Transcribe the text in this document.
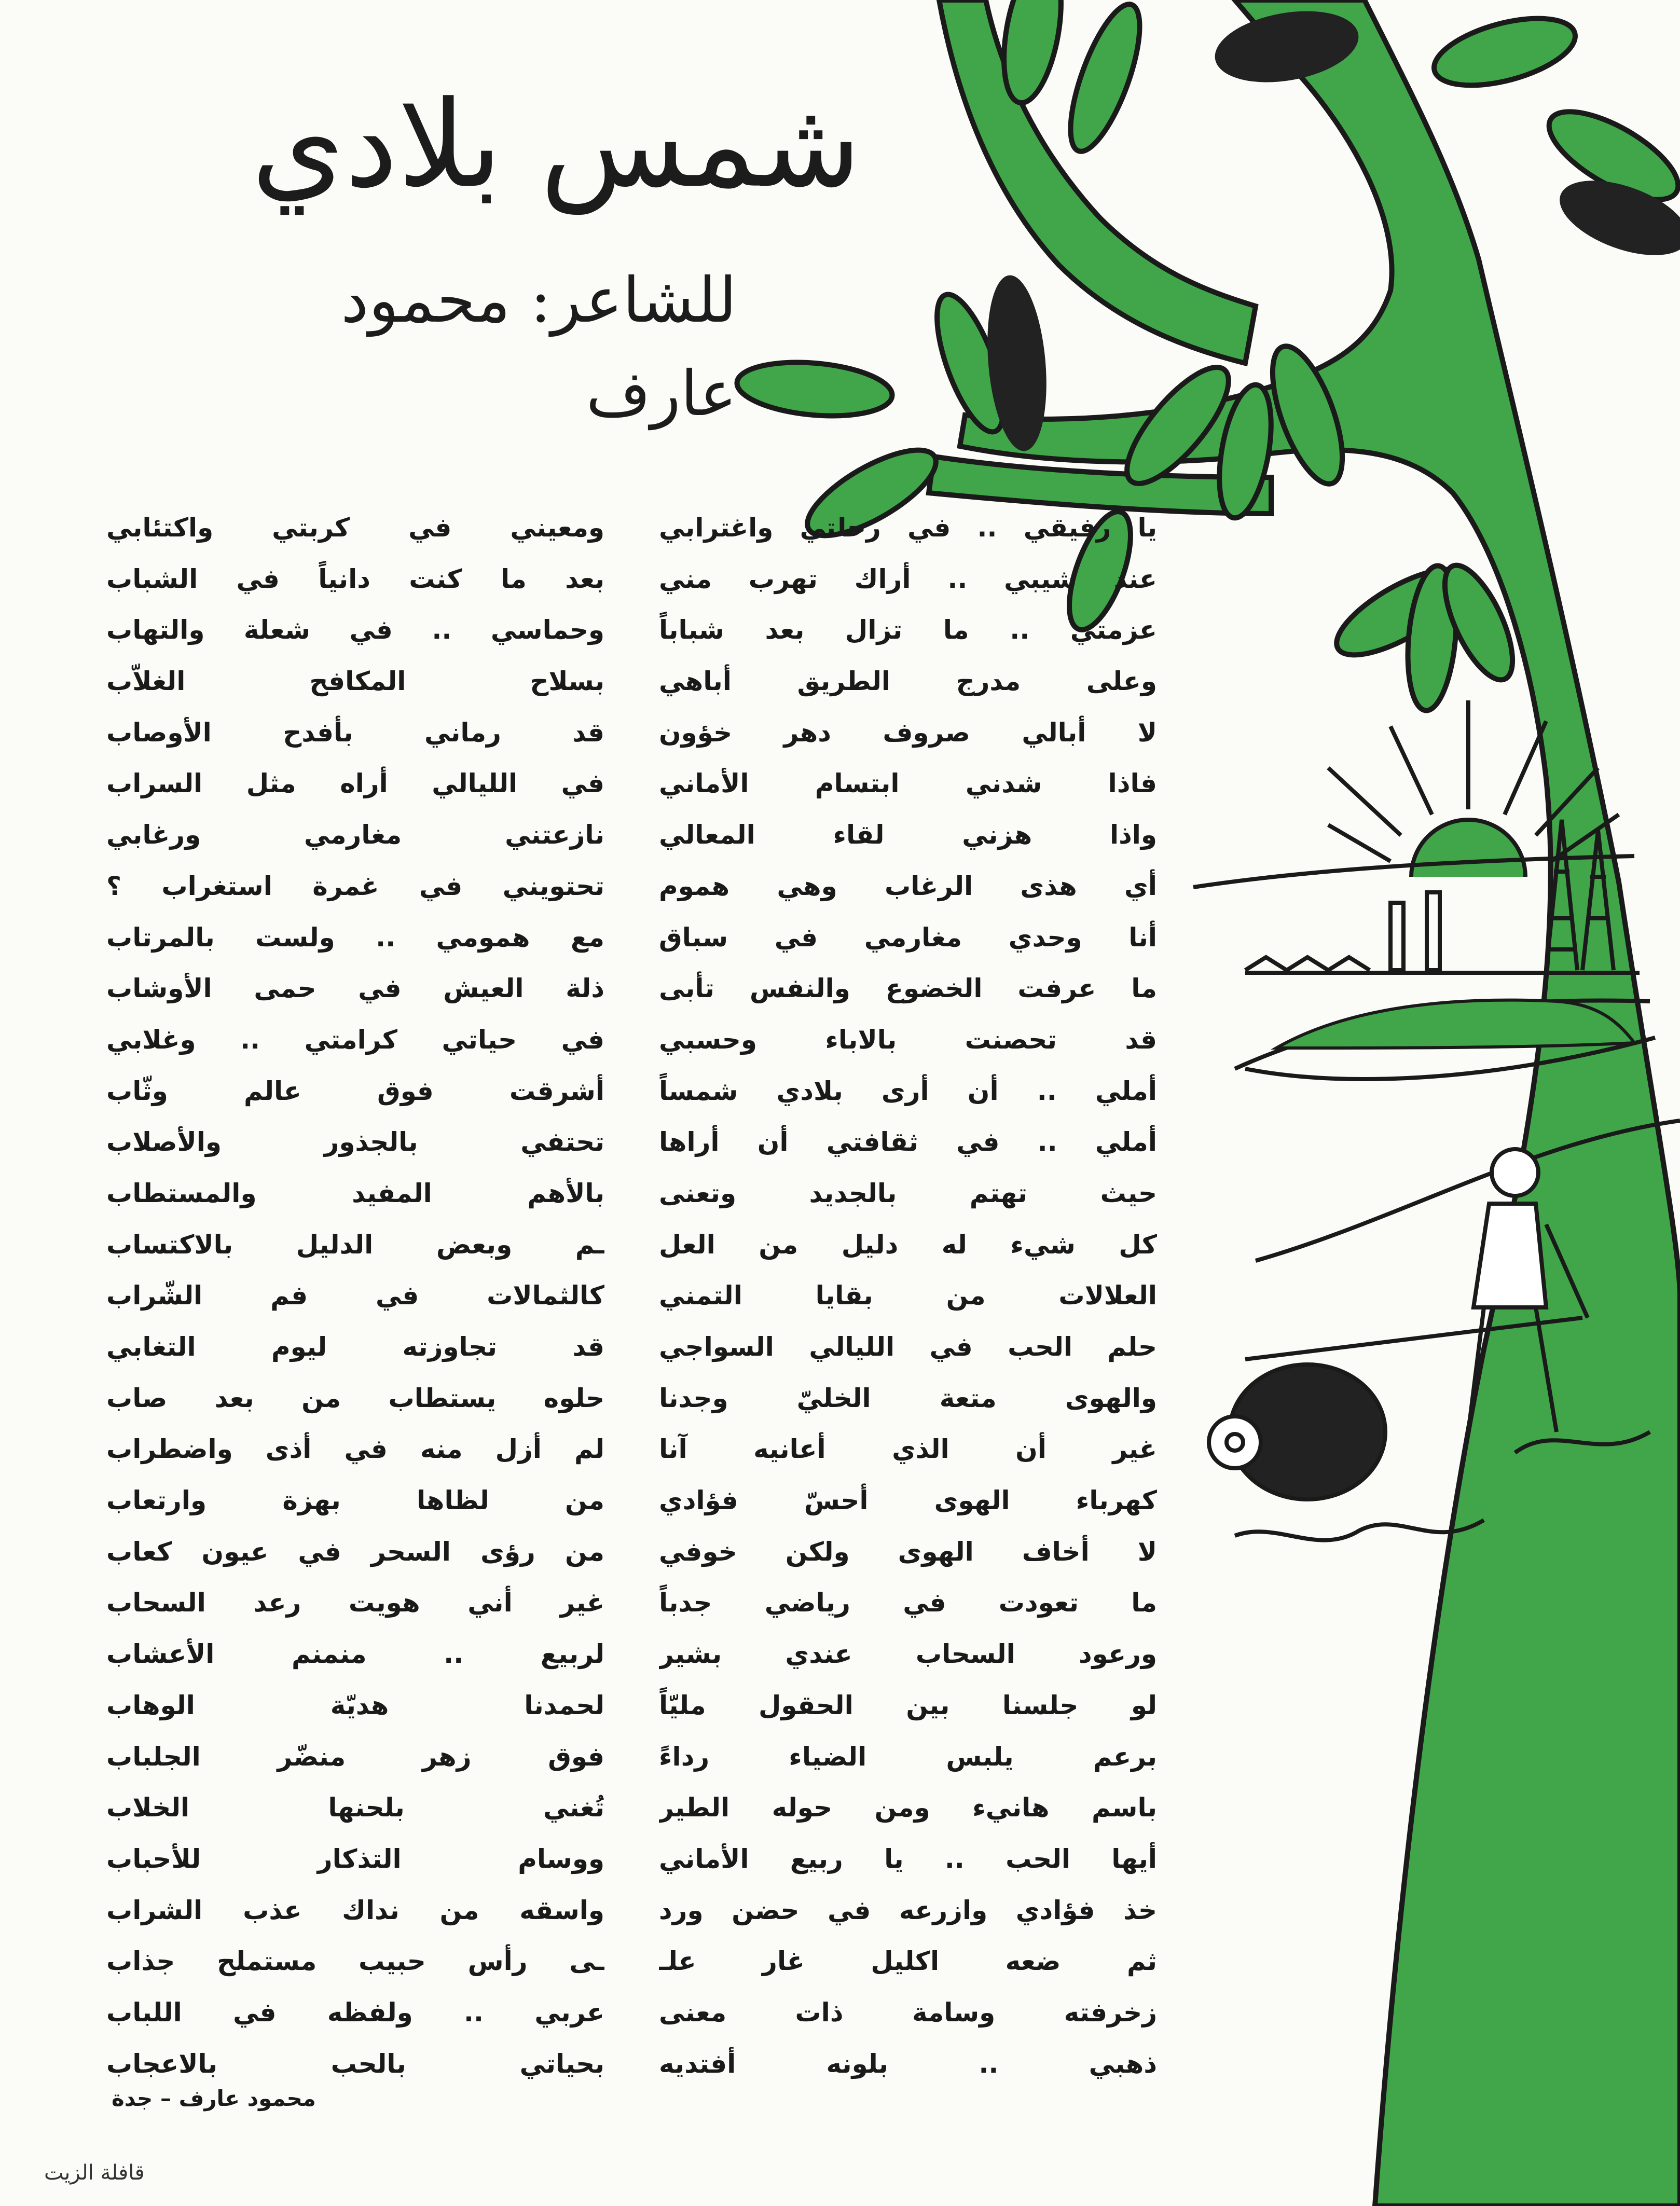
شمس بلادي
للشاعر: محمود عارف
يا رفيقي .. في رحلتي واغترابي
عند شيبي .. أراك تهرب مني
عزمتي .. ما تزال بعد شباباً
وعلى مدرج الطريق أباهي
لا أبالي صروف دهر خؤون
فاذا شدني ابتسام الأماني
واذا هزني لقاء المعالي
أي هذى الرغاب وهي هموم
أنا وحدي مغارمي في سباق
ما عرفت الخضوع والنفس تأبى
قد تحصنت بالاباء وحسبي
أملي .. أن أرى بلادي شمساً
أملي .. في ثقافتي أن أراها
حيث تهتم بالجديد وتعنى
كل شيء له دليل من العل
العلالات من بقايا التمني
حلم الحب في الليالي السواجي
والهوى متعة الخليّ وجدنا
غير أن الذي أعانيه آنا
كهرباء الهوى أحسّ فؤادي
لا أخاف الهوى ولكن خوفي
ما تعودت في رياضي جدباً
ورعود السحاب عندي بشير
لو جلسنا بين الحقول مليّاً
برعم يلبس الضياء رداءً
باسم هانيء ومن حوله الطير
أيها الحب .. يا ربيع الأماني
خذ فؤادي وازرعه في حضن ورد
ثم ضعه اكليل غار علـ
زخرفته وسامة ذات معنى
ذهبي .. بلونه أفتديه
ومعيني في كربتي واكتئابي
بعد ما كنت دانياً في الشباب
وحماسي .. في شعلة والتهاب
بسلاح المكافح الغلاّب
قد رماني بأفدح الأوصاب
في الليالي أراه مثل السراب
نازعتني مغارمي ورغابي
تحتويني في غمرة استغراب ؟
مع همومي .. ولست بالمرتاب
ذلة العيش في حمى الأوشاب
في حياتي كرامتي .. وغلابي
أشرقت فوق عالم وثّاب
تحتفي بالجذور والأصلاب
بالأهم المفيد والمستطاب
ـم وبعض الدليل بالاكتساب
كالثمالات في فم الشّراب
قد تجاوزته ليوم التغابي
حلوه يستطاب من بعد صاب
لم أزل منه في أذى واضطراب
من لظاها بهزة وارتعاب
من رؤى السحر في عيون كعاب
غير أني هويت رعد السحاب
لربيع .. منمنم الأعشاب
لحمدنا هديّة الوهاب
فوق زهر منضّر الجلباب
تُغني بلحنها الخلاب
ووسام التذكار للأحباب
واسقه من نداك عذب الشراب
ـى رأس حبيب مستملح جذاب
عربي .. ولفظه في اللباب
بحياتي بالحب بالاعجاب
محمود عارف – جدة
قافلة الزيت
